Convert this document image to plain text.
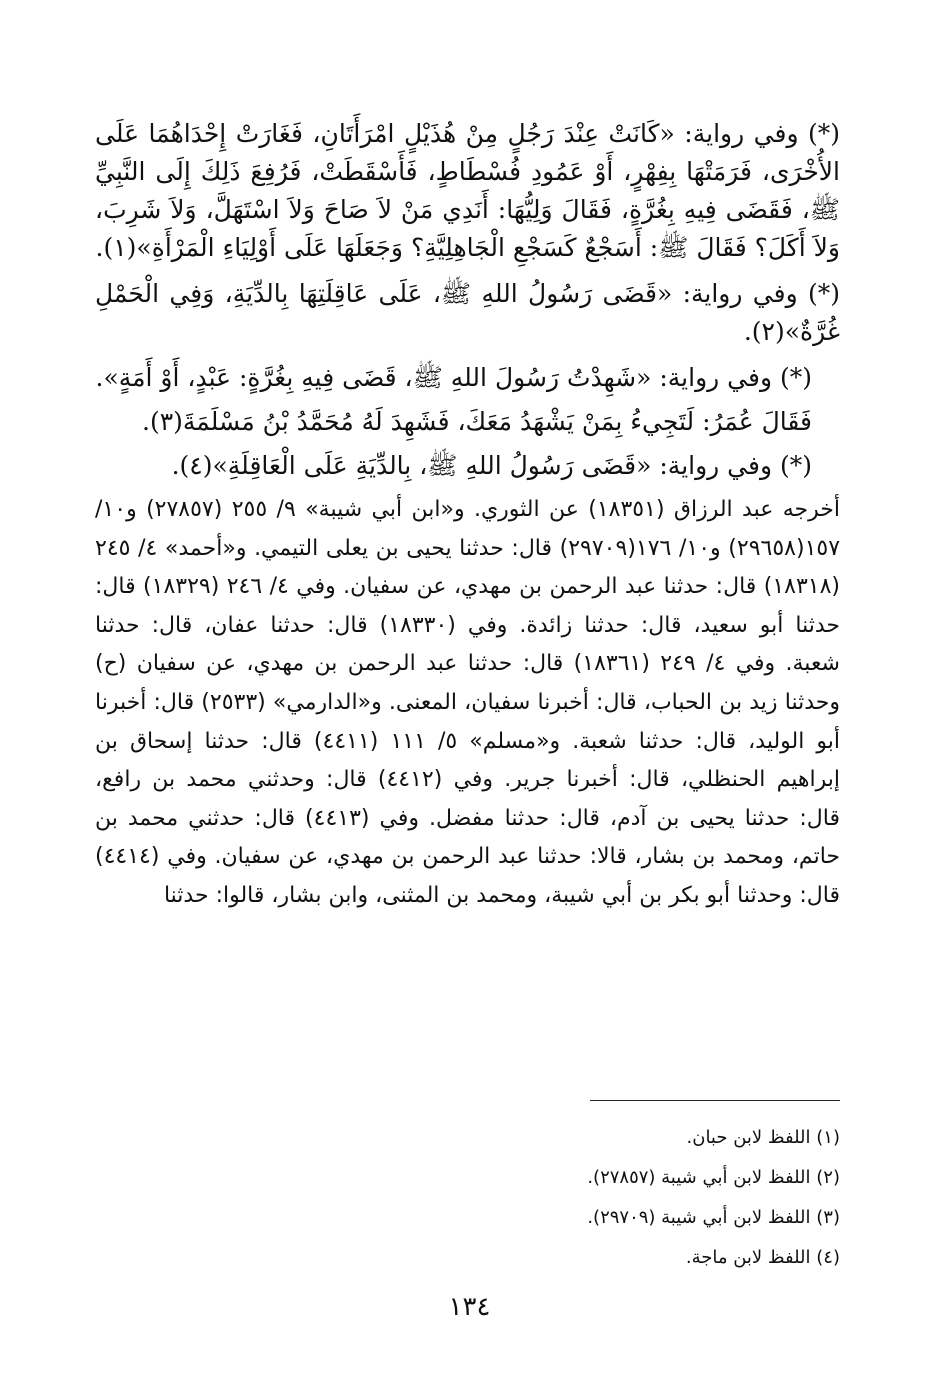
(*) وفي رواية: «كَانَتْ عِنْدَ رَجُلٍ مِنْ هُذَيْلٍ امْرَأَتَانِ، فَغَارَتْ إِحْدَاهُمَا عَلَى الأُخْرَى، فَرَمَتْهَا بِفِهْرٍ، أَوْ عَمُودِ فُسْطَاطٍ، فَأَسْقَطَتْ، فَرُفِعَ ذَلِكَ إِلَى النَّبِيِّ ﷺ، فَقَضَى فِيهِ بِغُرَّةٍ، فَقَالَ وَلِيُّهَا: أَنَدِي مَنْ لاَ صَاحَ وَلاَ اسْتَهَلَّ، وَلاَ شَرِبَ، وَلاَ أَكَلَ؟ فَقَالَ ﷺ: أَسَجْعٌ كَسَجْعِ الْجَاهِلِيَّةِ؟ وَجَعَلَهَا عَلَى أَوْلِيَاءِ الْمَرْأَةِ»(١).

(*) وفي رواية: «قَضَى رَسُولُ اللهِ ﷺ، عَلَى عَاقِلَتِهَا بِالدِّيَةِ، وَفِي الْحَمْلِ غُرَّةٌ»(٢).

(*) وفي رواية: «شَهِدْتُ رَسُولَ اللهِ ﷺ، قَضَى فِيهِ بِغُرَّةٍ: عَبْدٍ، أَوْ أَمَةٍ».

فَقَالَ عُمَرُ: لَتَجِيءُ بِمَنْ يَشْهَدُ مَعَكَ، فَشَهِدَ لَهُ مُحَمَّدُ بْنُ مَسْلَمَةَ(٣).

(*) وفي رواية: «قَضَى رَسُولُ اللهِ ﷺ، بِالدِّيَةِ عَلَى الْعَاقِلَةِ»(٤).

أخرجه عبد الرزاق (١٨٣٥١) عن الثوري. و«ابن أبي شيبة» ٩/ ٢٥٥ (٢٧٨٥٧) و١٠/ ١٥٧(٢٩٦٥٨) و١٠/ ١٧٦(٢٩٧٠٩) قال: حدثنا يحيى بن يعلى التيمي. و«أحمد» ٤/ ٢٤٥ (١٨٣١٨) قال: حدثنا عبد الرحمن بن مهدي، عن سفيان. وفي ٤/ ٢٤٦ (١٨٣٢٩) قال: حدثنا أبو سعيد، قال: حدثنا زائدة. وفي (١٨٣٣٠) قال: حدثنا عفان، قال: حدثنا شعبة. وفي ٤/ ٢٤٩ (١٨٣٦١) قال: حدثنا عبد الرحمن بن مهدي، عن سفيان (ح) وحدثنا زيد بن الحباب، قال: أخبرنا سفيان، المعنى. و«الدارمي» (٢٥٣٣) قال: أخبرنا أبو الوليد، قال: حدثنا شعبة. و«مسلم» ٥/ ١١١ (٤٤١١) قال: حدثنا إسحاق بن إبراهيم الحنظلي، قال: أخبرنا جرير. وفي (٤٤١٢) قال: وحدثني محمد بن رافع، قال: حدثنا يحيى بن آدم، قال: حدثنا مفضل. وفي (٤٤١٣) قال: حدثني محمد بن حاتم، ومحمد بن بشار، قالا: حدثنا عبد الرحمن بن مهدي، عن سفيان. وفي (٤٤١٤) قال: وحدثنا أبو بكر بن أبي شيبة، ومحمد بن المثنى، وابن بشار، قالوا: حدثنا

(١) اللفظ لابن حبان.
(٢) اللفظ لابن أبي شيبة (٢٧٨٥٧).
(٣) اللفظ لابن أبي شيبة (٢٩٧٠٩).
(٤) اللفظ لابن ماجة.
١٣٤
